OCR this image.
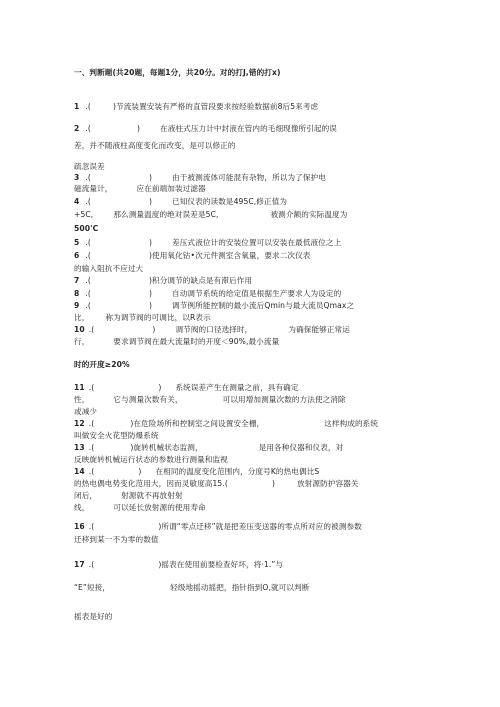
一、判断题(共20题，每题1分，共20分。对的打J,错的打x)
1 .(	)节流装置安装有严格的直管段要求按经验数据前8后5来考虑
2 .(	)	在液柱式压力计中封液在管内的毛细现像所引起的误
差，并不随液柱高度变化而改变，是可以修正的
疏忽误差
3 .(	)	由于被测流体可能混有杂物，所以为了保护电
磁流量计，	应在前端加装过滤器
4 .(	)	已知仪表的读数是495C,修正值为
+5C,	那么测量温度的绝对误差是5C,	被测介额的实际温度为
500'C
5 .(	)	差压式液位计的安装位置可以安装在最低液位之上
6 .(	)使用氧化钴•次元件测室含氧量，要求二次仪表
的输入阻抗不应过大
7 .(	)积分调节的缺点是有滞后作用
8 .(	)	自动调节系统的给定值是根据生产要求人为设定的
9 .(	)	调节例所能控制的最小流后Qmin与最大流员Qmax之
比， 称为调节阀的可调比，以R表示
10 .(	)	调节阀的口径选择时，	为确保能够正常运
行，	要求调节阀在最大流量时的开度＜90%,最小流量
时的开度≥20%
11 .(	) 系统误差产生在测量之前，具有确定
性，	它与测量次数有关，	可以用增加测量次数的方法使之消除
或减少
12 .(	)在危险场所和控制室之间设置安全栅，	这样构成的系统
叫做安全火花型防爆系统
13 .(	)旋转机械状态监测，	是用各种仪器和仪表，对
反映旋转机械运行状态的参数进行测量和监视
14 .(	) 在相同的温度变化范围内，分度号K的热电偶比S
的热电偶电势变化范用大，因而灵敏度高15.(	)	放射源防护容器关
闭后，	射源就不再放射射
线，	可以延长放射源的使用寿命
16 .(	)所谓“零点迁移”就是把差压变送器的零点所对应的被测参数
迁移到某一不为零的数值
17 .(	)摇表在使用前要检查好坏，将·1.”与
“E”短接，	轻级地摇动摇把，指针指到O,就可以判断
摇表是好的
